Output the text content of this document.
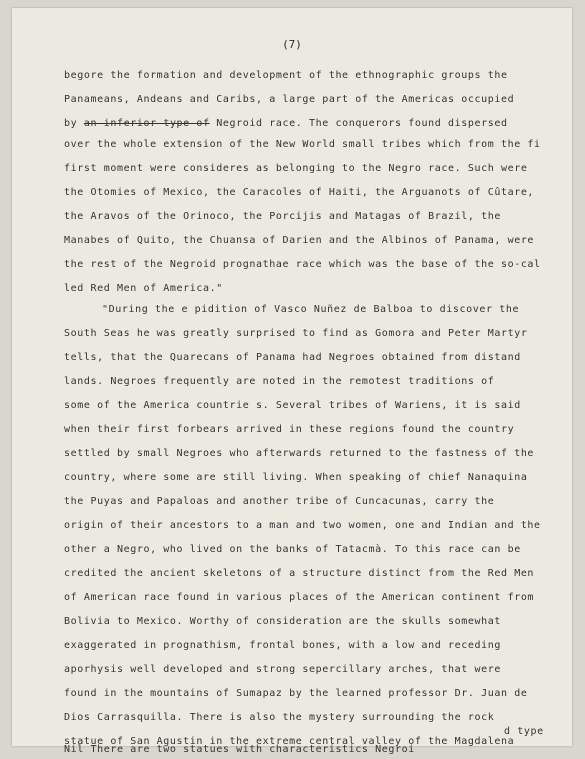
(7)
begore the formation and development of the ethnographic groups the
Panameans, Andeans and Caribs, a large part of the Americas occupied
by an inferior type of Negroid race. The conquerors found dispersed
over the whole extension of the New World small tribes which from the fi
first moment were consideres as belonging to the Negro race. Such were
the Otomies of Mexico, the Caracoles of Haiti, the Arguanots of Cûtare,
the Aravos of the Orinoco, the Porcijis and Matagas of Brazil, the
Manabes of Quito, the Chuansa of Darien and the Albinos of Panama, were
the rest of the Negroid prognathae race which was the base of the so-cal
led Red Men of America."
"During the e pidition of Vasco Nuñez de Balboa to discover the
South Seas he was greatly surprised to find as Gomora and Peter Martyr
tells, that the Quarecans of Panama had Negroes obtained from distand
lands. Negroes frequently are noted in the remotest traditions of
some of the America countrie s. Several tribes of Wariens, it is said
when their first forbears arrived in these regions found the country
settled by small Negroes who afterwards returned to the fastness of the
country, where some are still living. When speaking of chief Nanaquina
the Puyas and Papaloas and another tribe of Cuncacunas, carry the
origin of their ancestors to a man and two women, one and Indian and the
other a Negro, who lived on the banks of Tatacmà. To this race can be
credited the ancient skeletons of a structure distinct from the Red Men
of American race found in various places of the American continent from
Bolivia to Mexico. Worthy of consideration are the skulls somewhat
exaggerated in prognathism, frontal bones, with a low and receding
aporhysis well developed and strong sepercillary arches, that were
found in the mountains of Sumapaz by the learned professor Dr. Juan de
Dios Carrasquilla. There is also the mystery surrounding the rock
statue of San Agustin in the extreme central valley of the Magdalena
d type
Nil There are two statues with characteristics Negroi
